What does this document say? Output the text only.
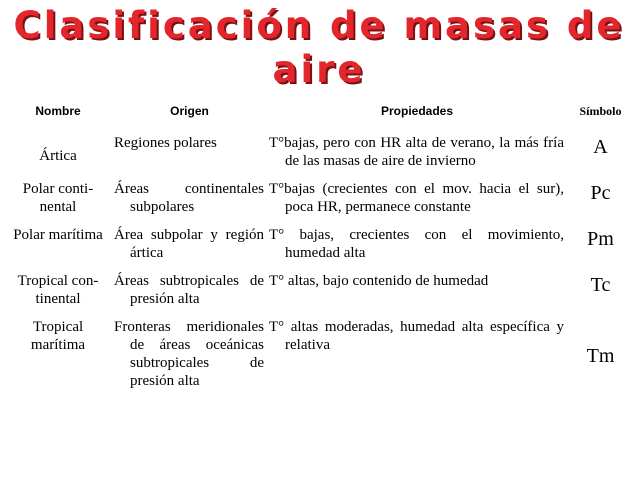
Clasificación de masas de
aire
Nombre	Origen	Propiedades	Símbolo
Ártica	Regiones polares	T°bajas, pero con HR alta de verano, la más fría de las masas de aire de invierno	A
Polar conti-nental	Áreas continentales subpolares	T°bajas (crecientes con el mov. hacia el sur), poca HR, permanece constante	Pc
Polar marítima	Área subpolar y región ártica	T° bajas, crecientes con el movimiento, humedad alta	Pm
Tropical con-tinental	Áreas subtropicales de presión alta	T° altas, bajo contenido de humedad	Tc
Tropical marítima	Fronteras meridionales de áreas oceánicas subtropicales de presión alta	T° altas moderadas, humedad alta específica y relativa	Tm
